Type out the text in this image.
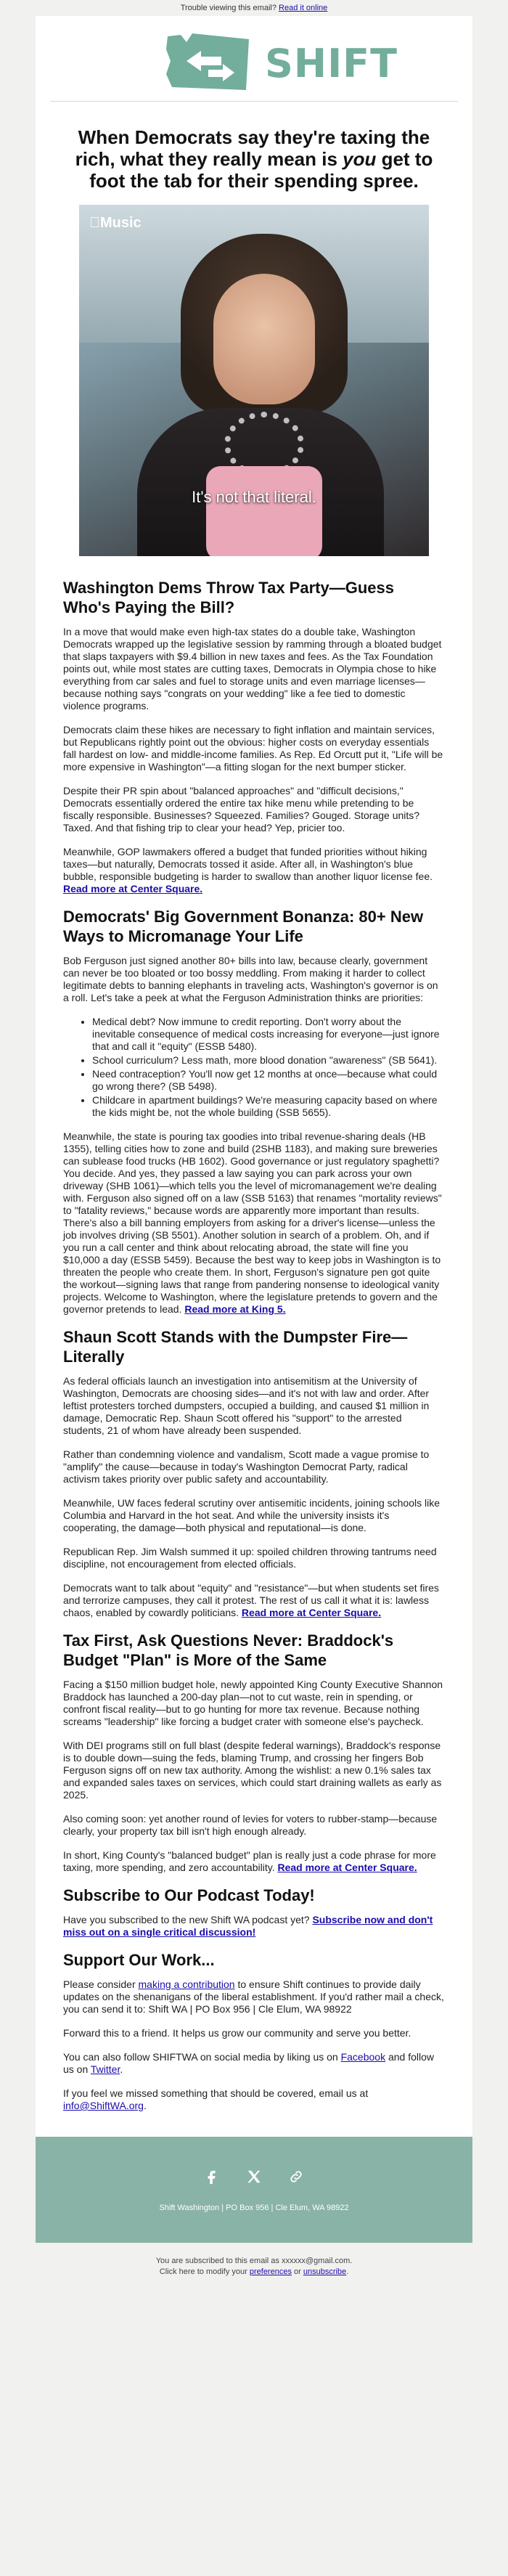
Trouble viewing this email? Read it online
SHIFT
When Democrats say they're taxing the rich, what they really mean is you get to foot the tab for their spending spree.
Music
It's not that literal.
Washington Dems Throw Tax Party—Guess Who's Paying the Bill?

In a move that would make even high-tax states do a double take, Washington Democrats wrapped up the legislative session by ramming through a bloated budget that slaps taxpayers with $9.4 billion in new taxes and fees. As the Tax Foundation points out, while most states are cutting taxes, Democrats in Olympia chose to hike everything from car sales and fuel to storage units and even marriage licenses—because nothing says "congrats on your wedding" like a fee tied to domestic violence programs.

Democrats claim these hikes are necessary to fight inflation and maintain services, but Republicans rightly point out the obvious: higher costs on everyday essentials fall hardest on low- and middle-income families. As Rep. Ed Orcutt put it, "Life will be more expensive in Washington"—a fitting slogan for the next bumper sticker.

Despite their PR spin about "balanced approaches" and "difficult decisions," Democrats essentially ordered the entire tax hike menu while pretending to be fiscally responsible. Businesses? Squeezed. Families? Gouged. Storage units? Taxed. And that fishing trip to clear your head? Yep, pricier too.

Meanwhile, GOP lawmakers offered a budget that funded priorities without hiking taxes—but naturally, Democrats tossed it aside. After all, in Washington's blue bubble, responsible budgeting is harder to swallow than another liquor license fee. Read more at Center Square.

Democrats' Big Government Bonanza: 80+ New Ways to Micromanage Your Life

Bob Ferguson just signed another 80+ bills into law, because clearly, government can never be too bloated or too bossy meddling. From making it harder to collect legitimate debts to banning elephants in traveling acts, Washington's governor is on a roll. Let's take a peek at what the Ferguson Administration thinks are priorities:

• Medical debt? Now immune to credit reporting. Don't worry about the inevitable consequence of medical costs increasing for everyone—just ignore that and call it "equity" (ESSB 5480).
• School curriculum? Less math, more blood donation "awareness" (SB 5641).
• Need contraception? You'll now get 12 months at once—because what could go wrong there? (SB 5498).
• Childcare in apartment buildings? We're measuring capacity based on where the kids might be, not the whole building (SSB 5655).

Meanwhile, the state is pouring tax goodies into tribal revenue-sharing deals (HB 1355), telling cities how to zone and build (2SHB 1183), and making sure breweries can sublease food trucks (HB 1602). Good governance or just regulatory spaghetti? You decide. And yes, they passed a law saying you can park across your own driveway (SHB 1061)—which tells you the level of micromanagement we're dealing with. Ferguson also signed off on a law (SSB 5163) that renames "mortality reviews" to "fatality reviews," because words are apparently more important than results. There's also a bill banning employers from asking for a driver's license—unless the job involves driving (SB 5501). Another solution in search of a problem. Oh, and if you run a call center and think about relocating abroad, the state will fine you $10,000 a day (ESSB 5459). Because the best way to keep jobs in Washington is to threaten the people who create them. In short, Ferguson's signature pen got quite the workout—signing laws that range from pandering nonsense to ideological vanity projects. Welcome to Washington, where the legislature pretends to govern and the governor pretends to lead. Read more at King 5.

Shaun Scott Stands with the Dumpster Fire—Literally

As federal officials launch an investigation into antisemitism at the University of Washington, Democrats are choosing sides—and it's not with law and order. After leftist protesters torched dumpsters, occupied a building, and caused $1 million in damage, Democratic Rep. Shaun Scott offered his "support" to the arrested students, 21 of whom have already been suspended.

Rather than condemning violence and vandalism, Scott made a vague promise to "amplify" the cause—because in today's Washington Democrat Party, radical activism takes priority over public safety and accountability.

Meanwhile, UW faces federal scrutiny over antisemitic incidents, joining schools like Columbia and Harvard in the hot seat. And while the university insists it's cooperating, the damage—both physical and reputational—is done.

Republican Rep. Jim Walsh summed it up: spoiled children throwing tantrums need discipline, not encouragement from elected officials.

Democrats want to talk about "equity" and "resistance"—but when students set fires and terrorize campuses, they call it protest. The rest of us call it what it is: lawless chaos, enabled by cowardly politicians. Read more at Center Square.

Tax First, Ask Questions Never: Braddock's Budget "Plan" is More of the Same

Facing a $150 million budget hole, newly appointed King County Executive Shannon Braddock has launched a 200-day plan—not to cut waste, rein in spending, or confront fiscal reality—but to go hunting for more tax revenue. Because nothing screams "leadership" like forcing a budget crater with someone else's paycheck.

With DEI programs still on full blast (despite federal warnings), Braddock's response is to double down—suing the feds, blaming Trump, and crossing her fingers Bob Ferguson signs off on new tax authority. Among the wishlist: a new 0.1% sales tax and expanded sales taxes on services, which could start draining wallets as early as 2025.

Also coming soon: yet another round of levies for voters to rubber-stamp—because clearly, your property tax bill isn't high enough already.

In short, King County's "balanced budget" plan is really just a code phrase for more taxing, more spending, and zero accountability. Read more at Center Square.

Subscribe to Our Podcast Today!

Have you subscribed to the new Shift WA podcast yet? Subscribe now and don't miss out on a single critical discussion!

Support Our Work...

Please consider making a contribution to ensure Shift continues to provide daily updates on the shenanigans of the liberal establishment. If you'd rather mail a check, you can send it to: Shift WA | PO Box 956 | Cle Elum, WA 98922

Forward this to a friend. It helps us grow our community and serve you better.

You can also follow SHIFTWA on social media by liking us on Facebook and follow us on Twitter.

If you feel we missed something that should be covered, email us at info@ShiftWA.org.

Shift Washington | PO Box 956 | Cle Elum, WA 98922
You are subscribed to this email as xxxxxx@gmail.com.
Click here to modify your preferences or unsubscribe.
